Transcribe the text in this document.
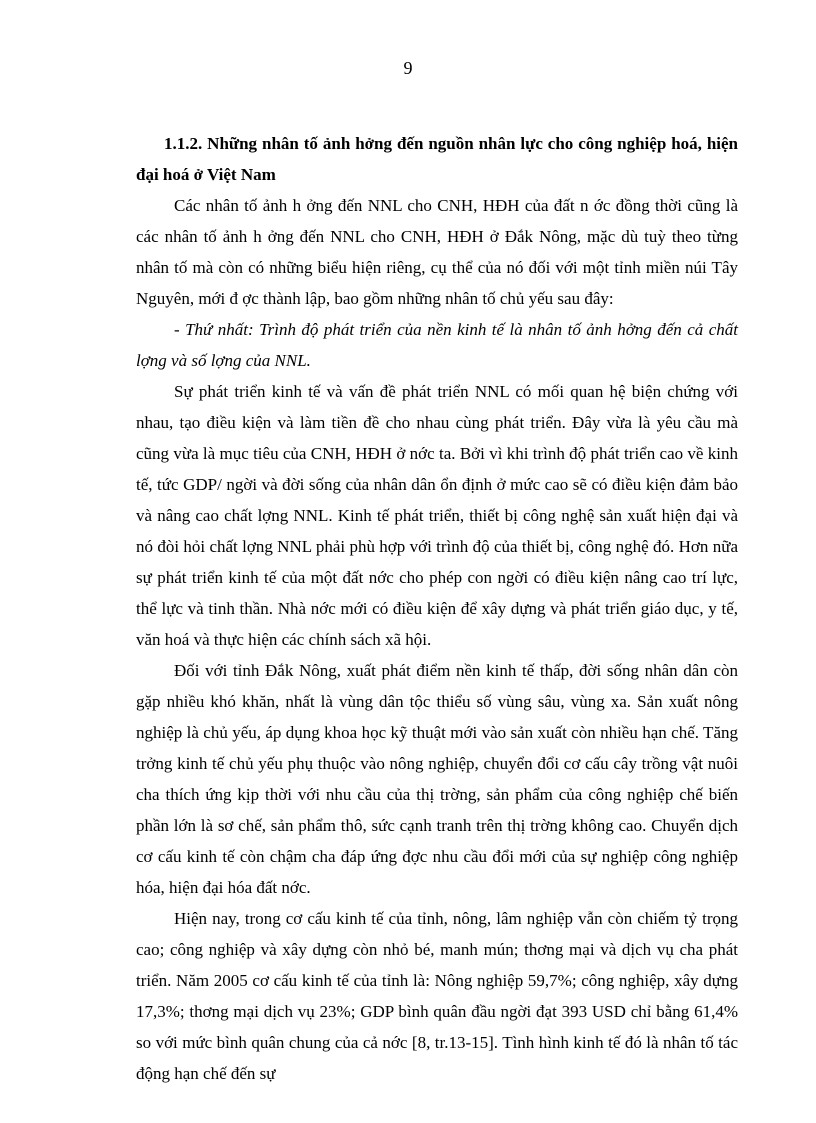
9

1.1.2. Những nhân tố ảnh hởng đến nguồn nhân lực cho công nghiệp hoá, hiện đại hoá ở Việt Nam

Các nhân tố ảnh h ởng đến NNL cho CNH, HĐH của đất n ớc đồng thời cũng là các nhân tố ảnh h ởng đến NNL cho CNH, HĐH ở Đắk Nông, mặc dù tuỳ theo từng nhân tố mà còn có những biểu hiện riêng, cụ thể của nó đối với một tỉnh miền núi Tây Nguyên, mới đ ợc thành lập, bao gồm những nhân tố chủ yếu sau đây:

- Thứ nhất: Trình độ phát triển của nền kinh tế là nhân tố ảnh hởng đến cả chất lợng và số lợng của NNL.

Sự phát triển kinh tế và vấn đề phát triển NNL có mối quan hệ biện chứng với nhau, tạo điều kiện và làm tiền đề cho nhau cùng phát triển. Đây vừa là yêu cầu mà cũng vừa là mục tiêu của CNH, HĐH ở nớc ta. Bởi vì khi trình độ phát triển cao về kinh tế, tức GDP/ ngời và đời sống của nhân dân ổn định ở mức cao sẽ có điều kiện đảm bảo và nâng cao chất lợng NNL. Kinh tế phát triển, thiết bị công nghệ sản xuất hiện đại và nó đòi hỏi chất lợng NNL phải phù hợp với trình độ của thiết bị, công nghệ đó. Hơn nữa sự phát triển kinh tế của một đất nớc cho phép con ngời có điều kiện nâng cao trí lực, thể lực và tinh thần. Nhà nớc mới có điều kiện để xây dựng và phát triển giáo dục, y tế, văn hoá và thực hiện các chính sách xã hội.

Đối với tỉnh Đắk Nông, xuất phát điểm nền kinh tế thấp, đời sống nhân dân còn gặp nhiều khó khăn, nhất là vùng dân tộc thiểu số vùng sâu, vùng xa. Sản xuất nông nghiệp là chủ yếu, áp dụng khoa học kỹ thuật mới vào sản xuất còn nhiều hạn chế. Tăng trởng kinh tế chủ yếu phụ thuộc vào nông nghiệp, chuyển đổi cơ cấu cây trồng vật nuôi cha thích ứng kịp thời với nhu cầu của thị trờng, sản phẩm của công nghiệp chế biến phần lớn là sơ chế, sản phẩm thô, sức cạnh tranh trên thị trờng không cao. Chuyển dịch cơ cấu kinh tế còn chậm cha đáp ứng đợc nhu cầu đổi mới của sự nghiệp công nghiệp hóa, hiện đại hóa đất nớc.

Hiện nay, trong cơ cấu kinh tế của tỉnh, nông, lâm nghiệp vẫn còn chiếm tỷ trọng cao; công nghiệp và xây dựng còn nhỏ bé, manh mún; thơng mại và dịch vụ cha phát triển. Năm 2005 cơ cấu kinh tế của tỉnh là: Nông nghiệp 59,7%; công nghiệp, xây dựng 17,3%; thơng mại dịch vụ 23%; GDP bình quân đầu ngời đạt 393 USD chỉ bằng 61,4% so với mức bình quân chung của cả nớc [8, tr.13-15]. Tình hình kinh tế đó là nhân tố tác động hạn chế đến sự
